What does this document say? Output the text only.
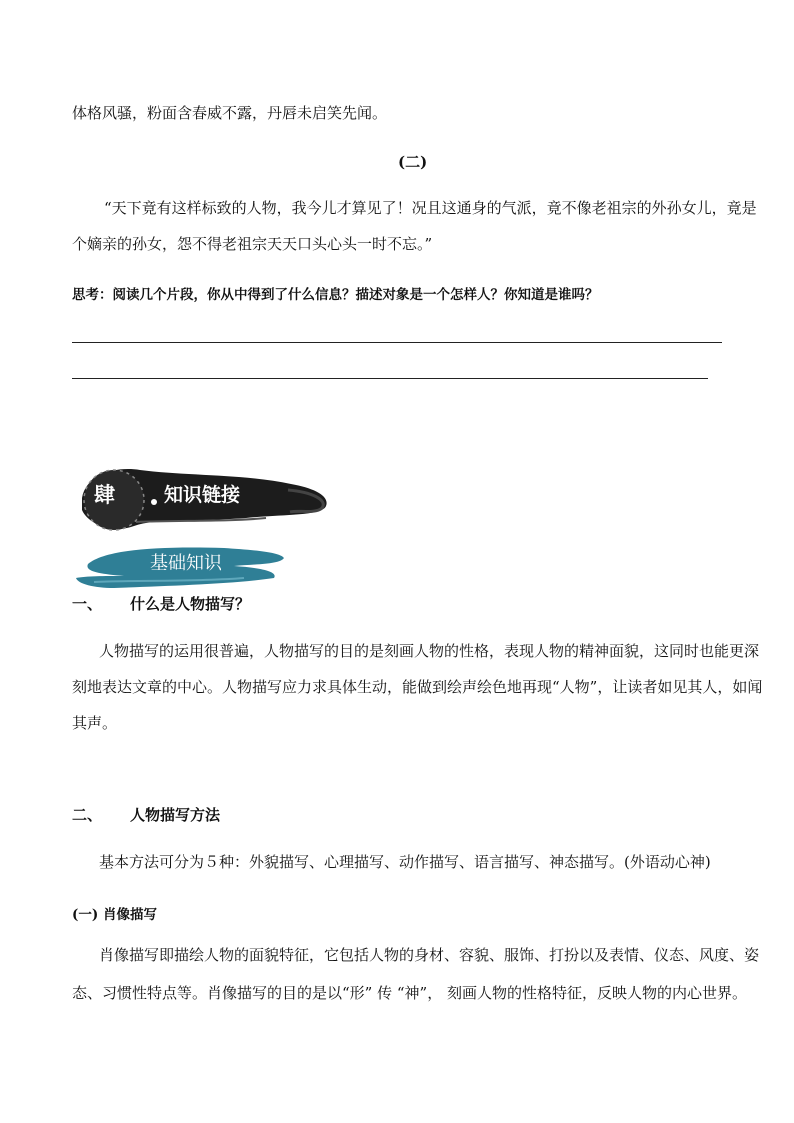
体格风骚，粉面含春威不露，丹唇未启笑先闻。
(二)
“天下竟有这样标致的人物，我今儿才算见了！况且这通身的气派，竟不像老祖宗的外孙女儿，竟是
个嫡亲的孙女，怨不得老祖宗天天口头心头一时不忘。”
思考：阅读几个片段，你从中得到了什么信息？描述对象是一个怎样人？你知道是谁吗？
肆	知识链接
基础知识
一、 什么是人物描写？
人物描写的运用很普遍，人物描写的目的是刻画人物的性格，表现人物的精神面貌，这同时也能更深
刻地表达文章的中心。人物描写应力求具体生动，能做到绘声绘色地再现“人物”，让读者如见其人，如闻
其声。
二、 人物描写方法
基本方法可分为５种：外貌描写、心理描写、动作描写、语言描写、神态描写。(外语动心神)
(一) 肖像描写
肖像描写即描绘人物的面貌特征，它包括人物的身材、容貌、服饰、打扮以及表情、仪态、风度、姿
态、习惯性特点等。肖像描写的目的是以“形” 传 “神”， 刻画人物的性格特征，反映人物的内心世界。
